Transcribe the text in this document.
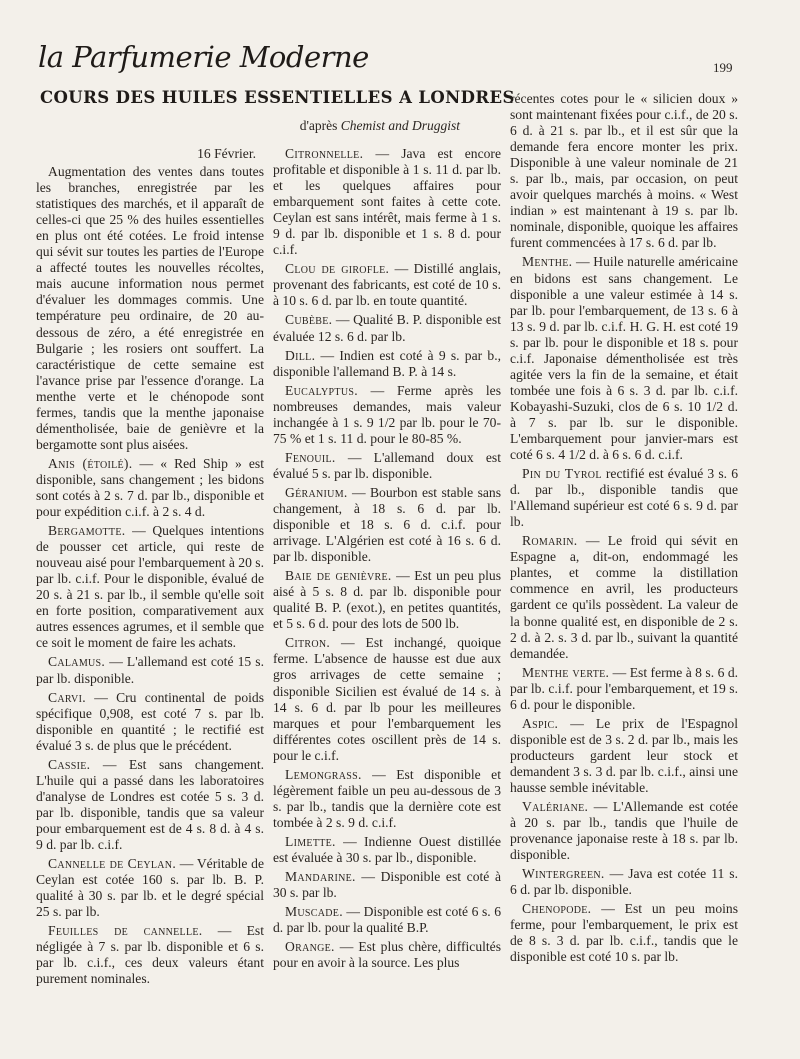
la Parfumerie Moderne	199
COURS DES HUILES ESSENTIELLES A LONDRES
d'après Chemist and Druggist

16 Février.

Augmentation des ventes dans toutes les branches, enregistrée par les statistiques des marchés, et il apparaît de celles-ci que 25 % des huiles essentielles en plus ont été cotées. Le froid intense qui sévit sur toutes les parties de l'Europe a affecté toutes les nouvelles récoltes, mais aucune information nous permet d'évaluer les dommages commis. Une température peu ordinaire, de 20 au-dessous de zéro, a été enregistrée en Bulgarie ; les rosiers ont souffert. La caractéristique de cette semaine est l'avance prise par l'essence d'orange. La menthe verte et le chénopode sont fermes, tandis que la menthe japonaise démentholisée, baie de genièvre et la bergamotte sont plus aisées.

Anis (étoilé). — « Red Ship » est disponible, sans changement ; les bidons sont cotés à 2 s. 7 d. par lb., disponible et pour expédition c.i.f. à 2 s. 4 d.

Bergamotte. — Quelques intentions de pousser cet article, qui reste de nouveau aisé pour l'embarquement à 20 s. par lb. c.i.f. Pour le disponible, évalué de 20 s. à 21 s. par lb., il semble qu'elle soit en forte position, comparativement aux autres essences agrumes, et il semble que ce soit le moment de faire les achats.

Calamus. — L'allemand est coté 15 s. par lb. disponible.

Carvi. — Cru continental de poids spécifique 0,908, est coté 7 s. par lb. disponible en quantité ; le rectifié est évalué 3 s. de plus que le précédent.

Cassie. — Est sans changement. L'huile qui a passé dans les laboratoires d'analyse de Londres est cotée 5 s. 3 d. par lb. disponible, tandis que sa valeur pour embarquement est de 4 s. 8 d. à 4 s. 9 d. par lb. c.i.f.

Cannelle de Ceylan. — Véritable de Ceylan est cotée 160 s. par lb. B. P. qualité à 30 s. par lb. et le degré spécial 25 s. par lb.

Feuilles de cannelle. — Est négligée à 7 s. par lb. disponible et 6 s. par lb. c.i.f., ces deux valeurs étant purement nominales.

Citronnelle. — Java est encore profitable et disponible à 1 s. 11 d. par lb. et les quelques affaires pour embarquement sont faites à cette cote. Ceylan est sans intérêt, mais ferme à 1 s. 9 d. par lb. disponible et 1 s. 8 d. pour c.i.f.

Clou de girofle. — Distillé anglais, provenant des fabricants, est coté de 10 s. à 10 s. 6 d. par lb. en toute quantité.

Cubèbe. — Qualité B. P. disponible est évaluée 12 s. 6 d. par lb.

Dill. — Indien est coté à 9 s. par b., disponible l'allemand B. P. à 14 s.

Eucalyptus. — Ferme après les nombreuses demandes, mais valeur inchangée à 1 s. 9 1/2 par lb. pour le 70-75 % et 1 s. 11 d. pour le 80-85 %.

Fenouil. — L'allemand doux est évalué 5 s. par lb. disponible.

Géranium. — Bourbon est stable sans changement, à 18 s. 6 d. par lb. disponible et 18 s. 6 d. c.i.f. pour arrivage. L'Algérien est coté à 16 s. 6 d. par lb. disponible.

Baie de genièvre. — Est un peu plus aisé à 5 s. 8 d. par lb. disponible pour qualité B. P. (exot.), en petites quantités, et 5 s. 6 d. pour des lots de 500 lb.

Citron. — Est inchangé, quoique ferme. L'absence de hausse est due aux gros arrivages de cette semaine ; disponible Sicilien est évalué de 14 s. à 14 s. 6 d. par lb pour les meilleures marques et pour l'embarquement les différentes cotes oscillent près de 14 s. pour le c.i.f.

Lemongrass. — Est disponible et légèrement faible un peu au-dessous de 3 s. par lb., tandis que la dernière cote est tombée à 2 s. 9 d. c.i.f.

Limette. — Indienne Ouest distillée est évaluée à 30 s. par lb., disponible.

Mandarine. — Disponible est coté à 30 s. par lb.

Muscade. — Disponible est coté 6 s. 6 d. par lb. pour la qualité B.P.

Orange. — Est plus chère, difficultés pour en avoir à la source. Les plus

récentes cotes pour le « silicien doux » sont maintenant fixées pour c.i.f., de 20 s. 6 d. à 21 s. par lb., et il est sûr que la demande fera encore monter les prix. Disponible à une valeur nominale de 21 s. par lb., mais, par occasion, on peut avoir quelques marchés à moins. « West indian » est maintenant à 19 s. par lb. nominale, disponible, quoique les affaires furent commencées à 17 s. 6 d. par lb.

Menthe. — Huile naturelle américaine en bidons est sans changement. Le disponible a une valeur estimée à 14 s. par lb. pour l'embarquement, de 13 s. 6 à 13 s. 9 d. par lb. c.i.f. H. G. H. est coté 19 s. par lb. pour le disponible et 18 s. pour c.i.f. Japonaise démentholisée est très agitée vers la fin de la semaine, et était tombée une fois à 6 s. 3 d. par lb. c.i.f. Kobayashi-Suzuki, clos de 6 s. 10 1/2 d. à 7 s. par lb. sur le disponible. L'embarquement pour janvier-mars est coté 6 s. 4 1/2 d. à 6 s. 6 d. c.i.f.

Pin du Tyrol rectifié est évalué 3 s. 6 d. par lb., disponible tandis que l'Allemand supérieur est coté 6 s. 9 d. par lb.

Romarin. — Le froid qui sévit en Espagne a, dit-on, endommagé les plantes, et comme la distillation commence en avril, les producteurs gardent ce qu'ils possèdent. La valeur de la bonne qualité est, en disponible de 2 s. 2 d. à 2. s. 3 d. par lb., suivant la quantité demandée.

Menthe verte. — Est ferme à 8 s. 6 d. par lb. c.i.f. pour l'embarquement, et 19 s. 6 d. pour le disponible.

Aspic. — Le prix de l'Espagnol disponible est de 3 s. 2 d. par lb., mais les producteurs gardent leur stock et demandent 3 s. 3 d. par lb. c.i.f., ainsi une hausse semble inévitable.

Valériane. — L'Allemande est cotée à 20 s. par lb., tandis que l'huile de provenance japonaise reste à 18 s. par lb. disponible.

Wintergreen. — Java est cotée 11 s. 6 d. par lb. disponible.

Chenopode. — Est un peu moins ferme, pour l'embarquement, le prix est de 8 s. 3 d. par lb. c.i.f., tandis que le disponible est coté 10 s. par lb.
